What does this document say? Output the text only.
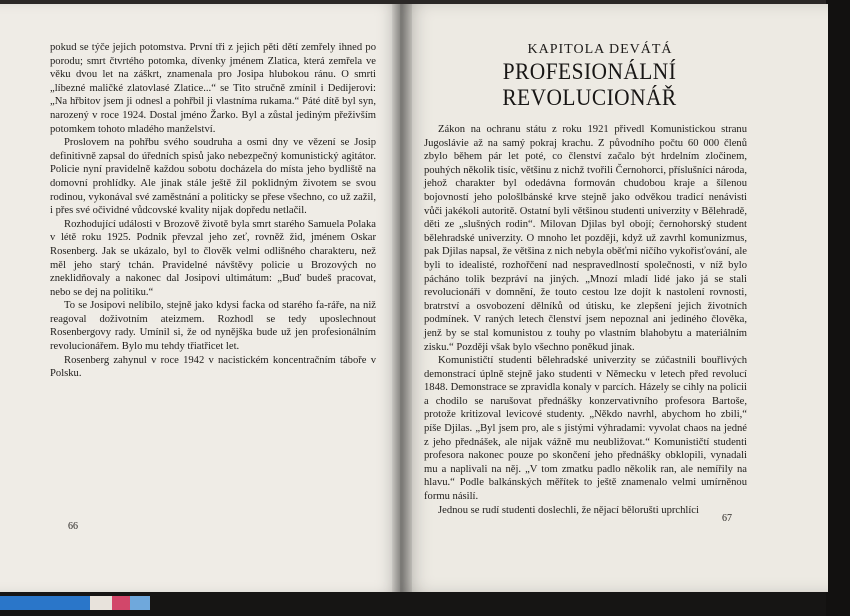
pokud se týče jejich potomstva. První tři z jejich pěti dětí zemřely ihned po porodu; smrt čtvrtého potomka, dívenky jménem Zlatica, která zemřela ve věku dvou let na záškrt, znamenala pro Josipa hlubokou ránu. O smrti „líbezné maličké zlatovlasé Zlatice...“ se Tito stručně zmínil i Dedijerovi: „Na hřbitov jsem ji odnesl a pohřbil ji vlastníma rukama.“ Páté dítě byl syn, narozený v roce 1924. Dostal jméno Žarko. Byl a zůstal jediným přeživším potomkem tohoto mladého manželství.

Proslovem na pohřbu svého soudruha a osmi dny ve vězení se Josip definitivně zapsal do úředních spisů jako nebezpečný komunistický agitátor. Policie nyní pravidelně každou sobotu docházela do místa jeho bydliště na domovní prohlídky. Ale jinak stále ještě žil poklidným životem se svou rodinou, vykonával své zaměstnání a politicky se přese všechno, co už zažil, i přes své očividné vůdcovské kvality nijak dopředu netlačil.

Rozhodující události v Brozově životě byla smrt starého Samuela Polaka v létě roku 1925. Podnik převzal jeho zeť, rovněž žid, jménem Oskar Rosenberg. Jak se ukázalo, byl to člověk velmi odlišného charakteru, než měl jeho starý tchán. Pravidelné návštěvy policie u Brozových no zneklidňovaly a nakonec dal Josipovi ultimátum: „Buď budeš pracovat, nebo se dej na politiku.“

To se Josipovi nelíbilo, stejně jako kdysi facka od starého fa-ráře, na niž reagoval doživotním ateizmem. Rozhodl se tedy uposlechnout Rosenbergovy rady. Umínil si, že od nynějška bude už jen profesionálním revolucionářem. Bylo mu tehdy třiatřicet let.

Rosenberg zahynul v roce 1942 v nacistickém koncentračním táboře v Polsku.

66
KAPITOLA DEVÁTÁ
PROFESIONÁLNÍ REVOLUCIONÁŘ

Zákon na ochranu státu z roku 1921 přivedl Komunistickou stranu Jugoslávie až na samý pokraj krachu. Z původního počtu 60 000 členů zbylo během pár let poté, co členství začalo být hrdelním zločinem, pouhých několik tisíc, většinu z nichž tvořili Černohorci, příslušníci národa, jehož charakter byl odedávna formován chudobou kraje a šílenou bojovností jeho pološlbánské krve stejně jako odvěkou tradicí nenávisti vůči jakékoli autoritě. Ostatní byli většinou studenti univerzity v Bělehradě, děti ze „slušných rodin“. Milovan Djilas byl obojí; černohorský student bělehradské univerzity. O mnoho let později, když už zavrhl komunizmus, pak Djilas napsal, že většina z nich nebyla oběťmi ničího vykořisťování, ale byli to idealisté, rozhořčení nad nespravedlností společnosti, v níž bylo pácháno tolik bezpráví na jiných. „Mnozí mladí lidé jako já se stali revolucionáři v domnění, že touto cestou lze dojít k nastolení rovnosti, bratrství a osvobození dělníků od útisku, ke zlepšení jejich životních podmínek. V raných letech členství jsem nepoznal ani jediného člověka, jenž by se stal komunistou z touhy po vlastním blahobytu a materiálním zisku.“ Později však bylo všechno poněkud jinak.

Komunističtí studenti bělehradské univerzity se zúčastnili bouřlivých demonstrací úplně stejně jako studenti v Německu v letech před revolucí 1848. Demonstrace se zpravidla konaly v parcích. Házely se cihly na policii a chodilo se narušovat přednášky konzervativního profesora Bartoše, protože kritizoval levicové studenty. „Někdo navrhl, abychom ho zbili,“ píše Djilas. „Byl jsem pro, ale s jistými výhradami: vyvolat chaos na jedné z jeho přednášek, ale nijak vážně mu neubližovat.“ Komunističtí studenti profesora nakonec pouze po skončení jeho přednášky obklopili, vynadali mu a naplivali na něj. „V tom zmatku padlo několik ran, ale nemířily na hlavu.“ Podle balkánských měřítek to ještě znamenalo velmi umírněnou formu násilí.

Jednou se rudí studenti doslechli, že nějací bělorušti uprchlíci

67
